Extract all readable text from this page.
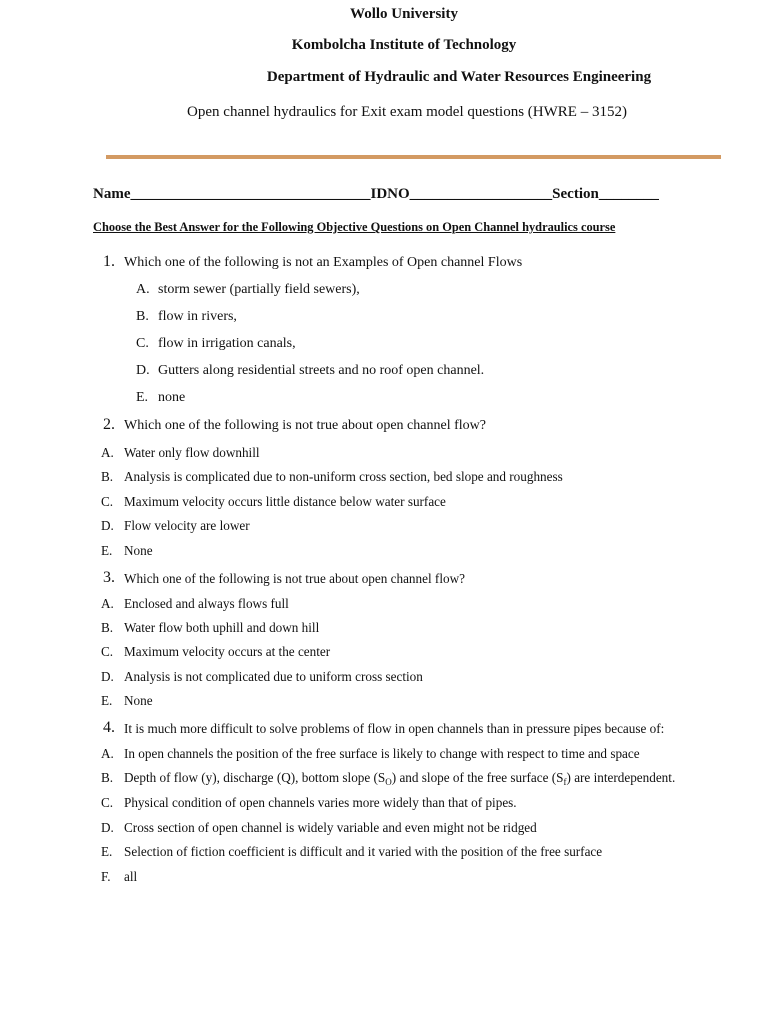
Wollo University
Kombolcha Institute of Technology
Department of Hydraulic and Water Resources Engineering
Open channel hydraulics for Exit exam model questions (HWRE – 3152)
Name________________________________IDNO___________________Section________
Choose the Best Answer for the Following Objective Questions on Open Channel hydraulics course
1. Which one of the following is not an Examples of Open channel Flows
A. storm sewer (partially field sewers),
B. flow in rivers,
C. flow in irrigation canals,
D. Gutters along residential streets and no roof open channel.
E. none
2. Which one of the following is not true about open channel flow?
A. Water only flow downhill
B. Analysis is complicated due to non-uniform cross section, bed slope and roughness
C. Maximum velocity occurs little distance below water surface
D. Flow velocity are lower
E. None
3. Which one of the following is not true about open channel flow?
A. Enclosed and always flows full
B. Water flow both uphill and down hill
C. Maximum velocity occurs at the center
D. Analysis is not complicated due to uniform cross section
E. None
4. It is much more difficult to solve problems of flow in open channels than in pressure pipes because of:
A. In open channels the position of the free surface is likely to change with respect to time and space
B. Depth of flow (y), discharge (Q), bottom slope $(S_O)$ and slope of the free surface $(S_f)$ are interdependent.
C. Physical condition of open channels varies more widely than that of pipes.
D. Cross section of open channel is widely variable and even might not be ridged
E. Selection of fiction coefficient is difficult and it varied with the position of the free surface
F. all
